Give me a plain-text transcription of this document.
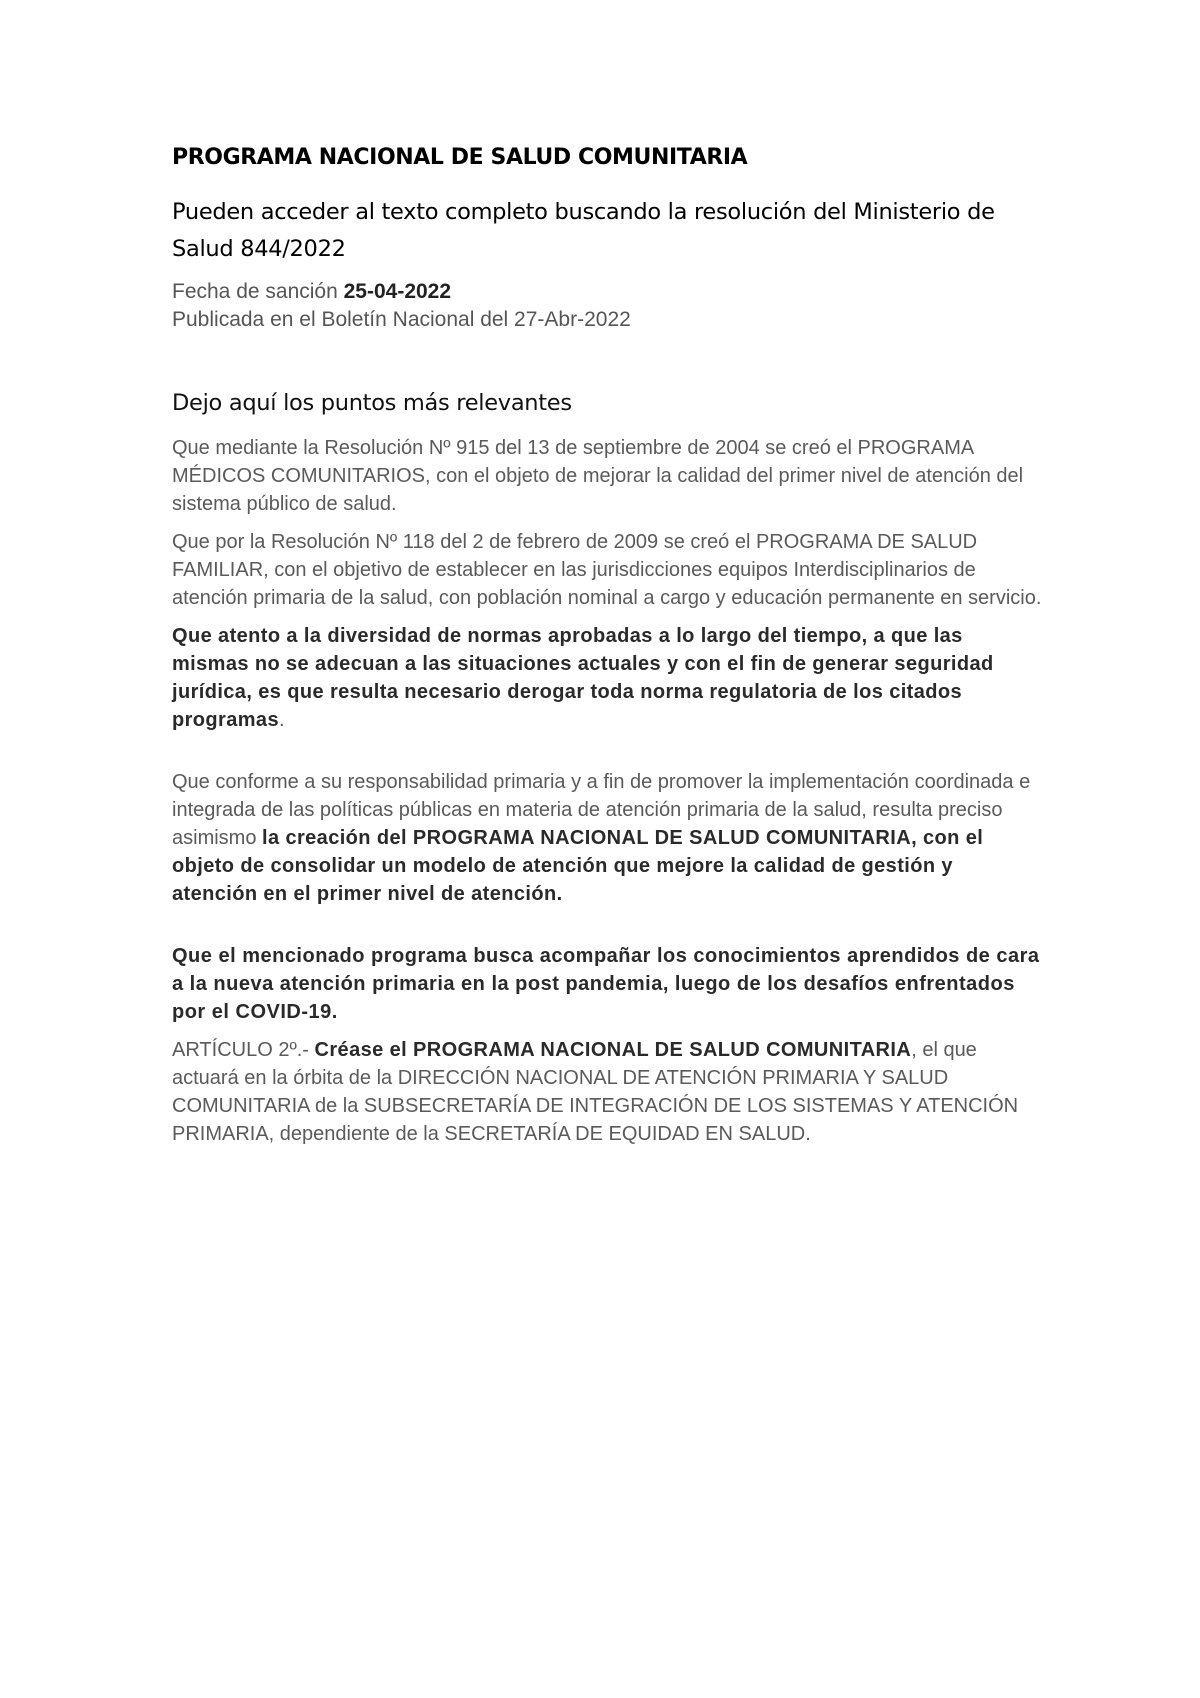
PROGRAMA NACIONAL DE SALUD COMUNITARIA
Pueden acceder al texto completo buscando la resolución del Ministerio de Salud 844/2022
Fecha de sanción 25-04-2022
Publicada en el Boletín Nacional del 27-Abr-2022
Dejo aquí los puntos más relevantes

Que mediante la Resolución Nº 915 del 13 de septiembre de 2004 se creó el PROGRAMA MÉDICOS COMUNITARIOS, con el objeto de mejorar la calidad del primer nivel de atención del sistema público de salud.

Que por la Resolución Nº 118 del 2 de febrero de 2009 se creó el PROGRAMA DE SALUD FAMILIAR, con el objetivo de establecer en las jurisdicciones equipos Interdisciplinarios de atención primaria de la salud, con población nominal a cargo y educación permanente en servicio.

Que atento a la diversidad de normas aprobadas a lo largo del tiempo, a que las mismas no se adecuan a las situaciones actuales y con el fin de generar seguridad jurídica, es que resulta necesario derogar toda norma regulatoria de los citados programas.

Que conforme a su responsabilidad primaria y a fin de promover la implementación coordinada e integrada de las políticas públicas en materia de atención primaria de la salud, resulta preciso asimismo la creación del PROGRAMA NACIONAL DE SALUD COMUNITARIA, con el objeto de consolidar un modelo de atención que mejore la calidad de gestión y atención en el primer nivel de atención.

Que el mencionado programa busca acompañar los conocimientos aprendidos de cara a la nueva atención primaria en la post pandemia, luego de los desafíos enfrentados por el COVID-19.

ARTÍCULO 2º.- Créase el PROGRAMA NACIONAL DE SALUD COMUNITARIA, el que actuará en la órbita de la DIRECCIÓN NACIONAL DE ATENCIÓN PRIMARIA Y SALUD COMUNITARIA de la SUBSECRETARÍA DE INTEGRACIÓN DE LOS SISTEMAS Y ATENCIÓN PRIMARIA, dependiente de la SECRETARÍA DE EQUIDAD EN SALUD.
